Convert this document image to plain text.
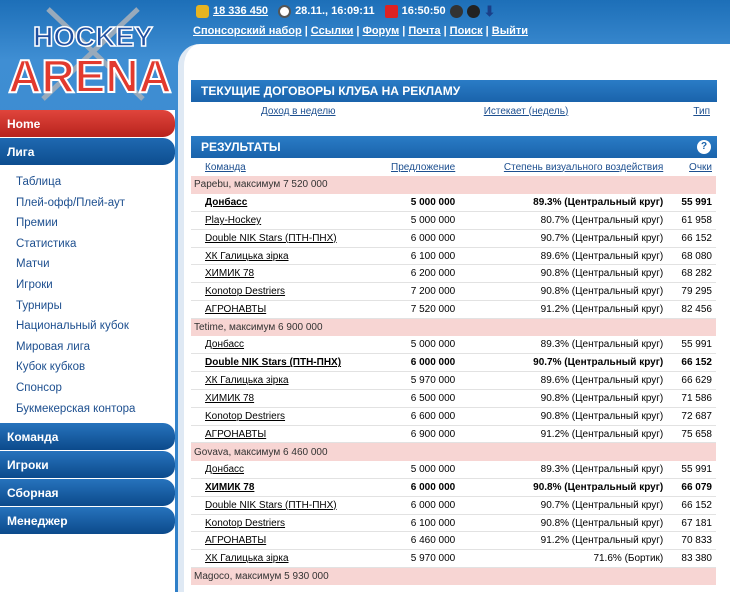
HOCKEY
ARENA
18 336 450 28.11., 16:09:11 16:50:50	⬇
Спонсорский набор | Ссылки | Форум | Почта | Поиск | Выйти
Home
Лига
Таблица
Плей-офф/Плей-аут
Премии
Статистика
Матчи
Игроки
Турниры
Национальный кубок
Мировая лига
Кубок кубков
Спонсор
Букмекерская контора
Команда
Игроки
Сборная
Менеджер
ТЕКУЩИЕ ДОГОВОРЫ КЛУБА НА РЕКЛАМУ
Доход в неделю	Истекает (недель)	Тип
РЕЗУЛЬТАТЫ	?
Команда	Предложение	Степень визуального воздействия	Очки
Papebu, максимум 7 520 000			
Донбасс	5 000 000	89.3% (Центральный круг)	55 991
Play-Hockey	5 000 000	80.7% (Центральный круг)	61 958
Double NIK Stars (ПТН-ПНХ)	6 000 000	90.7% (Центральный круг)	66 152
ХК Галицька зірка	6 100 000	89.6% (Центральный круг)	68 080
ХИМИК 78	6 200 000	90.8% (Центральный круг)	68 282
Konotop Destriers	7 200 000	90.8% (Центральный круг)	79 295
АГРОНАВТЫ	7 520 000	91.2% (Центральный круг)	82 456
Tetime, максимум 6 900 000			
Донбасс	5 000 000	89.3% (Центральный круг)	55 991
Double NIK Stars (ПТН-ПНХ)	6 000 000	90.7% (Центральный круг)	66 152
ХК Галицька зірка	5 970 000	89.6% (Центральный круг)	66 629
ХИМИК 78	6 500 000	90.8% (Центральный круг)	71 586
Konotop Destriers	6 600 000	90.8% (Центральный круг)	72 687
АГРОНАВТЫ	6 900 000	91.2% (Центральный круг)	75 658
Govava, максимум 6 460 000			
Донбасс	5 000 000	89.3% (Центральный круг)	55 991
ХИМИК 78	6 000 000	90.8% (Центральный круг)	66 079
Double NIK Stars (ПТН-ПНХ)	6 000 000	90.7% (Центральный круг)	66 152
Konotop Destriers	6 100 000	90.8% (Центральный круг)	67 181
АГРОНАВТЫ	6 460 000	91.2% (Центральный круг)	70 833
ХК Галицька зірка	5 970 000	71.6% (Бортик)	83 380
Magoco, максимум 5 930 000			
